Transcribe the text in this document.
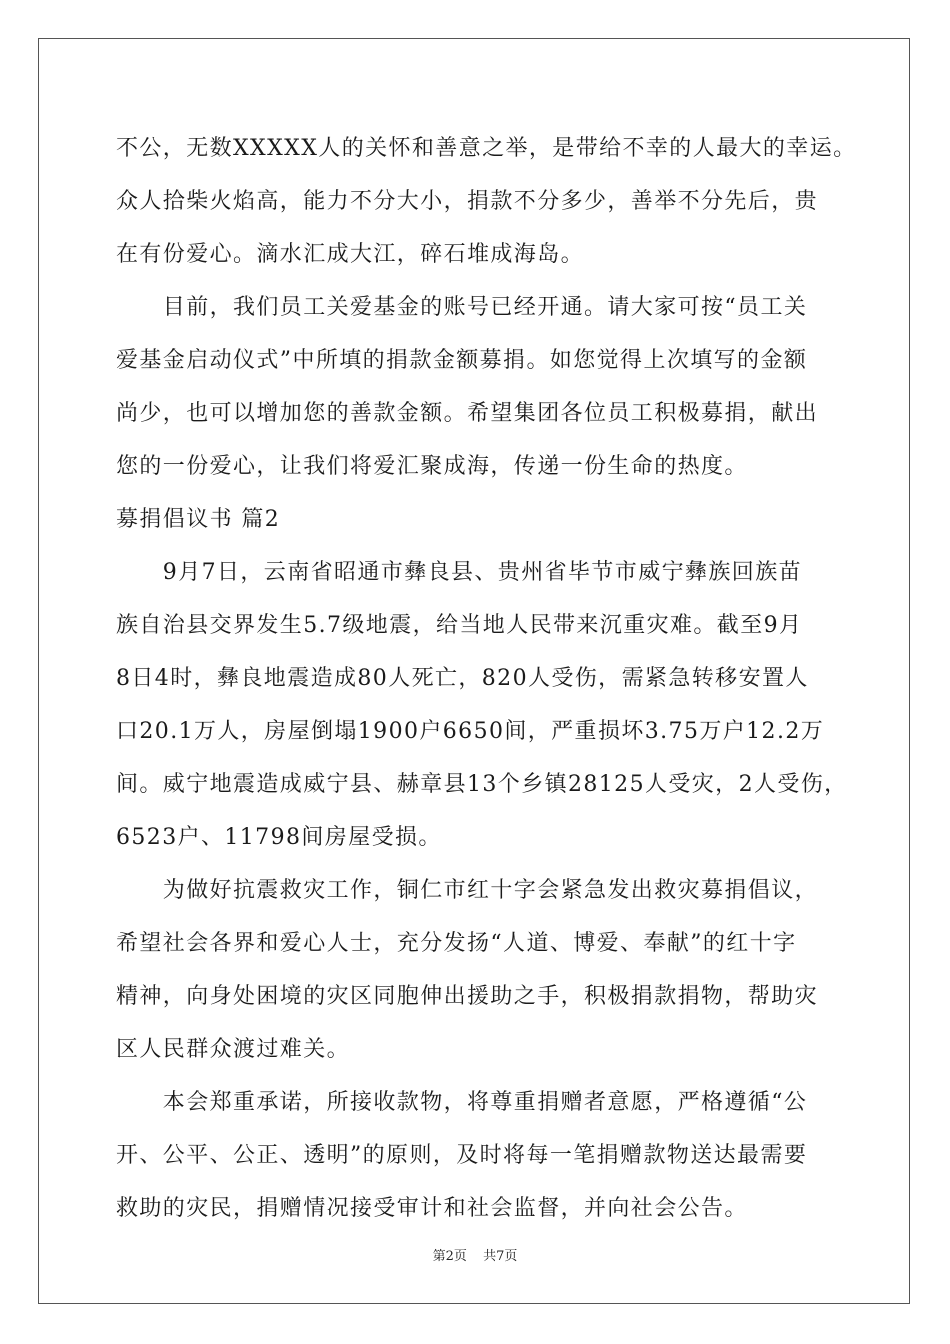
不公，无数XXXXX人的关怀和善意之举，是带给不幸的人最大的幸运。
众人拾柴火焰高，能力不分大小，捐款不分多少，善举不分先后，贵
在有份爱心。滴水汇成大江，碎石堆成海岛。
　　目前，我们员工关爱基金的账号已经开通。请大家可按“员工关
爱基金启动仪式”中所填的捐款金额募捐。如您觉得上次填写的金额
尚少，也可以增加您的善款金额。希望集团各位员工积极募捐，献出
您的一份爱心，让我们将爱汇聚成海，传递一份生命的热度。
募捐倡议书 篇2
　　9月7日，云南省昭通市彝良县、贵州省毕节市威宁彝族回族苗
族自治县交界发生5.7级地震，给当地人民带来沉重灾难。截至9月
8日4时，彝良地震造成80人死亡，820人受伤，需紧急转移安置人
口20.1万人，房屋倒塌1900户6650间，严重损坏3.75万户12.2万
间。威宁地震造成威宁县、赫章县13个乡镇28125人受灾，2人受伤，
6523户、11798间房屋受损。
　　为做好抗震救灾工作，铜仁市红十字会紧急发出救灾募捐倡议，
希望社会各界和爱心人士，充分发扬“人道、博爱、奉献”的红十字
精神，向身处困境的灾区同胞伸出援助之手，积极捐款捐物，帮助灾
区人民群众渡过难关。
　　本会郑重承诺，所接收款物，将尊重捐赠者意愿，严格遵循“公
开、公平、公正、透明”的原则，及时将每一笔捐赠款物送达最需要
救助的灾民，捐赠情况接受审计和社会监督，并向社会公告。
第2页 共7页
